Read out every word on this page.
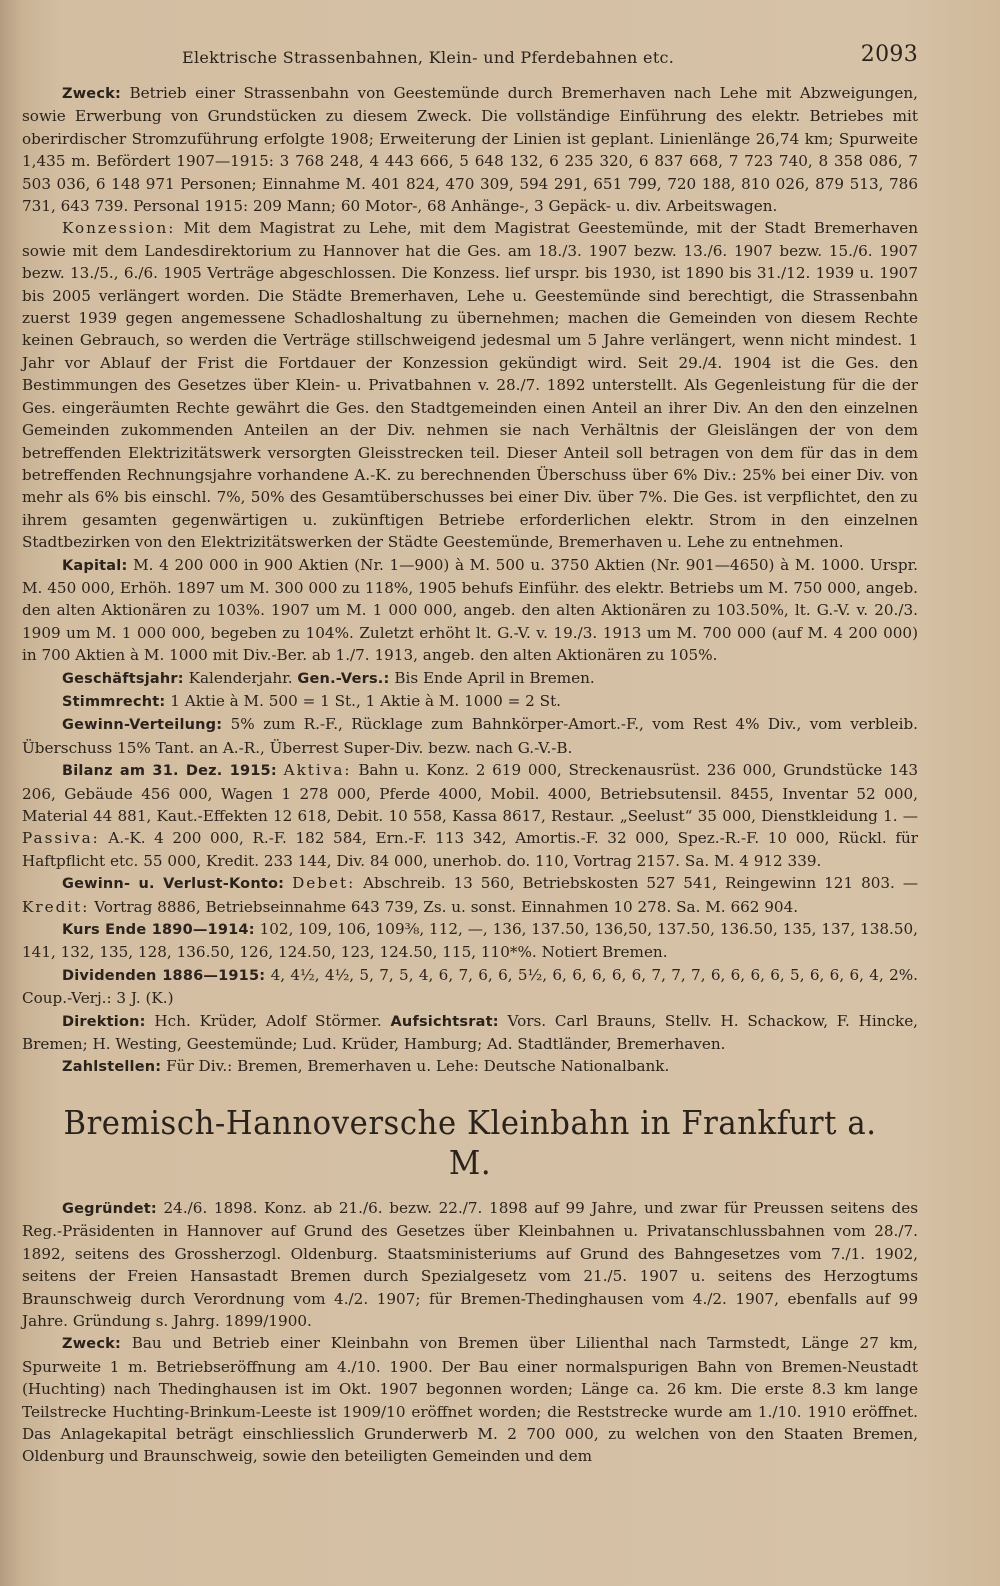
Elektrische Strassenbahnen, Klein- und Pferdebahnen etc.	2093

Zweck: Betrieb einer Strassenbahn von Geestemünde durch Bremerhaven nach Lehe mit Abzweigungen, sowie Erwerbung von Grundstücken zu diesem Zweck. Die vollständige Einführung des elektr. Betriebes mit oberirdischer Stromzuführung erfolgte 1908; Erweiterung der Linien ist geplant. Linienlänge 26,74 km; Spurweite 1,435 m. Befördert 1907—1915: 3 768 248, 4 443 666, 5 648 132, 6 235 320, 6 837 668, 7 723 740, 8 358 086, 7 503 036, 6 148 971 Personen; Einnahme M. 401 824, 470 309, 594 291, 651 799, 720 188, 810 026, 879 513, 786 731, 643 739. Personal 1915: 209 Mann; 60 Motor-, 68 Anhänge-, 3 Gepäck- u. div. Arbeitswagen.

Konzession: Mit dem Magistrat zu Lehe, mit dem Magistrat Geestemünde, mit der Stadt Bremerhaven sowie mit dem Landesdirektorium zu Hannover hat die Ges. am 18./3. 1907 bezw. 13./6. 1907 bezw. 15./6. 1907 bezw. 13./5., 6./6. 1905 Verträge abgeschlossen. Die Konzess. lief urspr. bis 1930, ist 1890 bis 31./12. 1939 u. 1907 bis 2005 verlängert worden. Die Städte Bremerhaven, Lehe u. Geestemünde sind berechtigt, die Strassenbahn zuerst 1939 gegen angemessene Schadloshaltung zu übernehmen; machen die Gemeinden von diesem Rechte keinen Gebrauch, so werden die Verträge stillschweigend jedesmal um 5 Jahre verlängert, wenn nicht mindest. 1 Jahr vor Ablauf der Frist die Fortdauer der Konzession gekündigt wird. Seit 29./4. 1904 ist die Ges. den Bestimmungen des Gesetzes über Klein- u. Privatbahnen v. 28./7. 1892 unterstellt. Als Gegenleistung für die der Ges. eingeräumten Rechte gewährt die Ges. den Stadtgemeinden einen Anteil an ihrer Div. An den den einzelnen Gemeinden zukommenden Anteilen an der Div. nehmen sie nach Verhältnis der Gleislängen der von dem betreffenden Elektrizitätswerk versorgten Gleisstrecken teil. Dieser Anteil soll betragen von dem für das in dem betreffenden Rechnungsjahre vorhandene A.-K. zu berechnenden Überschuss über 6% Div.: 25% bei einer Div. von mehr als 6% bis einschl. 7%, 50% des Gesamtüberschusses bei einer Div. über 7%. Die Ges. ist verpflichtet, den zu ihrem gesamten gegenwärtigen u. zukünftigen Betriebe erforderlichen elektr. Strom in den einzelnen Stadtbezirken von den Elektrizitätswerken der Städte Geestemünde, Bremerhaven u. Lehe zu entnehmen.

Kapital: M. 4 200 000 in 900 Aktien (Nr. 1—900) à M. 500 u. 3750 Aktien (Nr. 901—4650) à M. 1000. Urspr. M. 450 000, Erhöh. 1897 um M. 300 000 zu 118%, 1905 behufs Einführ. des elektr. Betriebs um M. 750 000, angeb. den alten Aktionären zu 103%. 1907 um M. 1 000 000, angeb. den alten Aktionären zu 103.50%, lt. G.-V. v. 20./3. 1909 um M. 1 000 000, begeben zu 104%. Zuletzt erhöht lt. G.-V. v. 19./3. 1913 um M. 700 000 (auf M. 4 200 000) in 700 Aktien à M. 1000 mit Div.-Ber. ab 1./7. 1913, angeb. den alten Aktionären zu 105%.

Geschäftsjahr: Kalenderjahr. Gen.-Vers.: Bis Ende April in Bremen.

Stimmrecht: 1 Aktie à M. 500 = 1 St., 1 Aktie à M. 1000 = 2 St.

Gewinn-Verteilung: 5% zum R.-F., Rücklage zum Bahnkörper-Amort.-F., vom Rest 4% Div., vom verbleib. Überschuss 15% Tant. an A.-R., Überrest Super-Div. bezw. nach G.-V.-B.

Bilanz am 31. Dez. 1915: Aktiva: Bahn u. Konz. 2 619 000, Streckenausrüst. 236 000, Grundstücke 143 206, Gebäude 456 000, Wagen 1 278 000, Pferde 4000, Mobil. 4000, Betriebsutensil. 8455, Inventar 52 000, Material 44 881, Kaut.-Effekten 12 618, Debit. 10 558, Kassa 8617, Restaur. „Seelust“ 35 000, Dienstkleidung 1. — Passiva: A.-K. 4 200 000, R.-F. 182 584, Ern.-F. 113 342, Amortis.-F. 32 000, Spez.-R.-F. 10 000, Rückl. für Haftpflicht etc. 55 000, Kredit. 233 144, Div. 84 000, unerhob. do. 110, Vortrag 2157. Sa. M. 4 912 339.

Gewinn- u. Verlust-Konto: Debet: Abschreib. 13 560, Betriebskosten 527 541, Reingewinn 121 803. — Kredit: Vortrag 8886, Betriebseinnahme 643 739, Zs. u. sonst. Einnahmen 10 278. Sa. M. 662 904.

Kurs Ende 1890—1914: 102, 109, 106, 109⅜, 112, —, 136, 137.50, 136,50, 137.50, 136.50, 135, 137, 138.50, 141, 132, 135, 128, 136.50, 126, 124.50, 123, 124.50, 115, 110*%. Notiert Bremen.

Dividenden 1886—1915: 4, 4½, 4½, 5, 7, 5, 4, 6, 7, 6, 6, 5½, 6, 6, 6, 6, 6, 7, 7, 7, 6, 6, 6, 6, 5, 6, 6, 6, 4, 2%. Coup.-Verj.: 3 J. (K.)

Direktion: Hch. Krüder, Adolf Störmer. Aufsichtsrat: Vors. Carl Brauns, Stellv. H. Schackow, F. Hincke, Bremen; H. Westing, Geestemünde; Lud. Krüder, Hamburg; Ad. Stadtländer, Bremerhaven.

Zahlstellen: Für Div.: Bremen, Bremerhaven u. Lehe: Deutsche Nationalbank.

Bremisch-Hannoversche Kleinbahn in Frankfurt a. M.

Gegründet: 24./6. 1898. Konz. ab 21./6. bezw. 22./7. 1898 auf 99 Jahre, und zwar für Preussen seitens des Reg.-Präsidenten in Hannover auf Grund des Gesetzes über Kleinbahnen u. Privatanschlussbahnen vom 28./7. 1892, seitens des Grossherzogl. Oldenburg. Staatsministeriums auf Grund des Bahngesetzes vom 7./1. 1902, seitens der Freien Hansastadt Bremen durch Spezialgesetz vom 21./5. 1907 u. seitens des Herzogtums Braunschweig durch Verordnung vom 4./2. 1907; für Bremen-Thedinghausen vom 4./2. 1907, ebenfalls auf 99 Jahre. Gründung s. Jahrg. 1899/1900.

Zweck: Bau und Betrieb einer Kleinbahn von Bremen über Lilienthal nach Tarmstedt, Länge 27 km, Spurweite 1 m. Betriebseröffnung am 4./10. 1900. Der Bau einer normalspurigen Bahn von Bremen-Neustadt (Huchting) nach Thedinghausen ist im Okt. 1907 begonnen worden; Länge ca. 26 km. Die erste 8.3 km lange Teilstrecke Huchting-Brinkum-Leeste ist 1909/10 eröffnet worden; die Reststrecke wurde am 1./10. 1910 eröffnet. Das Anlagekapital beträgt einschliesslich Grunderwerb M. 2 700 000, zu welchen von den Staaten Bremen, Oldenburg und Braunschweig, sowie den beteiligten Gemeinden und dem
